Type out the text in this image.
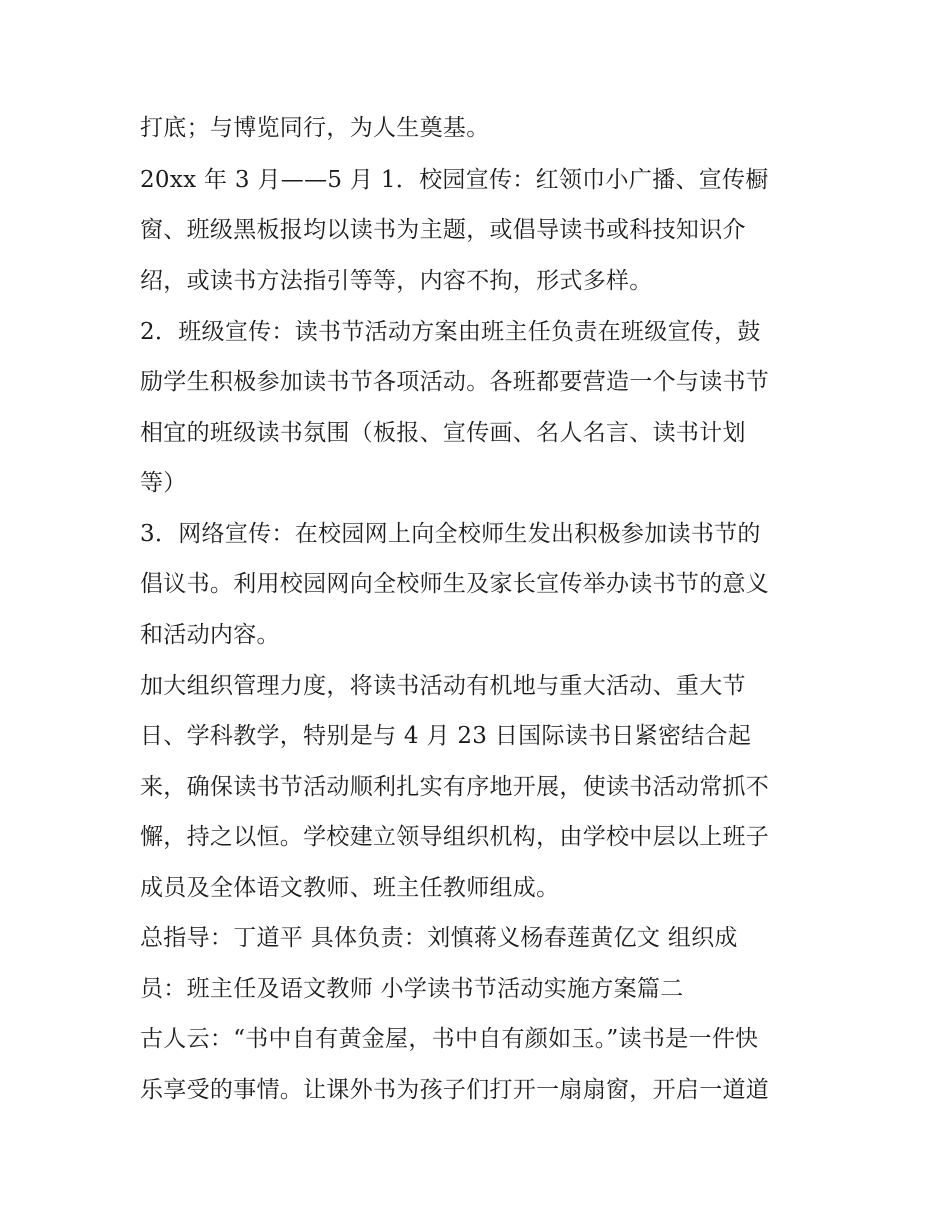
打底；与博览同行，为人生奠基。
20xx 年 3 月——5 月 1．校园宣传：红领巾小广播、宣传橱
窗、班级黑板报均以读书为主题，或倡导读书或科技知识介
绍，或读书方法指引等等，内容不拘，形式多样。
2．班级宣传：读书节活动方案由班主任负责在班级宣传，鼓
励学生积极参加读书节各项活动。各班都要营造一个与读书节
相宜的班级读书氛围（板报、宣传画、名人名言、读书计划
等）
3．网络宣传：在校园网上向全校师生发出积极参加读书节的
倡议书。利用校园网向全校师生及家长宣传举办读书节的意义
和活动内容。
加大组织管理力度，将读书活动有机地与重大活动、重大节
日、学科教学，特别是与 4 月 23 日国际读书日紧密结合起
来，确保读书节活动顺利扎实有序地开展，使读书活动常抓不
懈，持之以恒。学校建立领导组织机构，由学校中层以上班子
成员及全体语文教师、班主任教师组成。
总指导：丁道平 具体负责：刘慎蒋义杨春莲黄亿文 组织成
员：班主任及语文教师 小学读书节活动实施方案篇二
古人云：“书中自有黄金屋，书中自有颜如玉。”读书是一件快
乐享受的事情。让课外书为孩子们打开一扇扇窗，开启一道道
